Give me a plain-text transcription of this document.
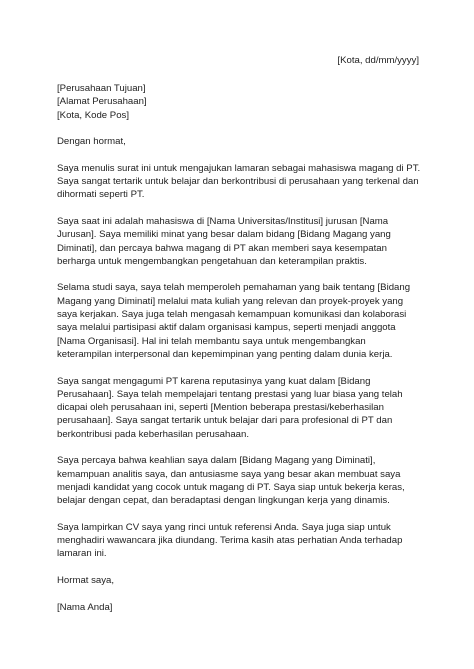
[Kota, dd/mm/yyyy]

[Perusahaan Tujuan]
[Alamat Perusahaan]
[Kota, Kode Pos]

Dengan hormat,

Saya menulis surat ini untuk mengajukan lamaran sebagai mahasiswa magang di PT. Saya sangat tertarik untuk belajar dan berkontribusi di perusahaan yang terkenal dan dihormati seperti PT.

Saya saat ini adalah mahasiswa di [Nama Universitas/Institusi] jurusan [Nama Jurusan]. Saya memiliki minat yang besar dalam bidang [Bidang Magang yang Diminati], dan percaya bahwa magang di PT akan memberi saya kesempatan berharga untuk mengembangkan pengetahuan dan keterampilan praktis.

Selama studi saya, saya telah memperoleh pemahaman yang baik tentang [Bidang Magang yang Diminati] melalui mata kuliah yang relevan dan proyek-proyek yang saya kerjakan. Saya juga telah mengasah kemampuan komunikasi dan kolaborasi saya melalui partisipasi aktif dalam organisasi kampus, seperti menjadi anggota [Nama Organisasi]. Hal ini telah membantu saya untuk mengembangkan keterampilan interpersonal dan kepemimpinan yang penting dalam dunia kerja.

Saya sangat mengagumi PT karena reputasinya yang kuat dalam [Bidang Perusahaan]. Saya telah mempelajari tentang prestasi yang luar biasa yang telah dicapai oleh perusahaan ini, seperti [Mention beberapa prestasi/keberhasilan perusahaan]. Saya sangat tertarik untuk belajar dari para profesional di PT dan berkontribusi pada keberhasilan perusahaan.

Saya percaya bahwa keahlian saya dalam [Bidang Magang yang Diminati], kemampuan analitis saya, dan antusiasme saya yang besar akan membuat saya menjadi kandidat yang cocok untuk magang di PT. Saya siap untuk bekerja keras, belajar dengan cepat, dan beradaptasi dengan lingkungan kerja yang dinamis.

Saya lampirkan CV saya yang rinci untuk referensi Anda. Saya juga siap untuk menghadiri wawancara jika diundang. Terima kasih atas perhatian Anda terhadap lamaran ini.

Hormat saya,

[Nama Anda]
